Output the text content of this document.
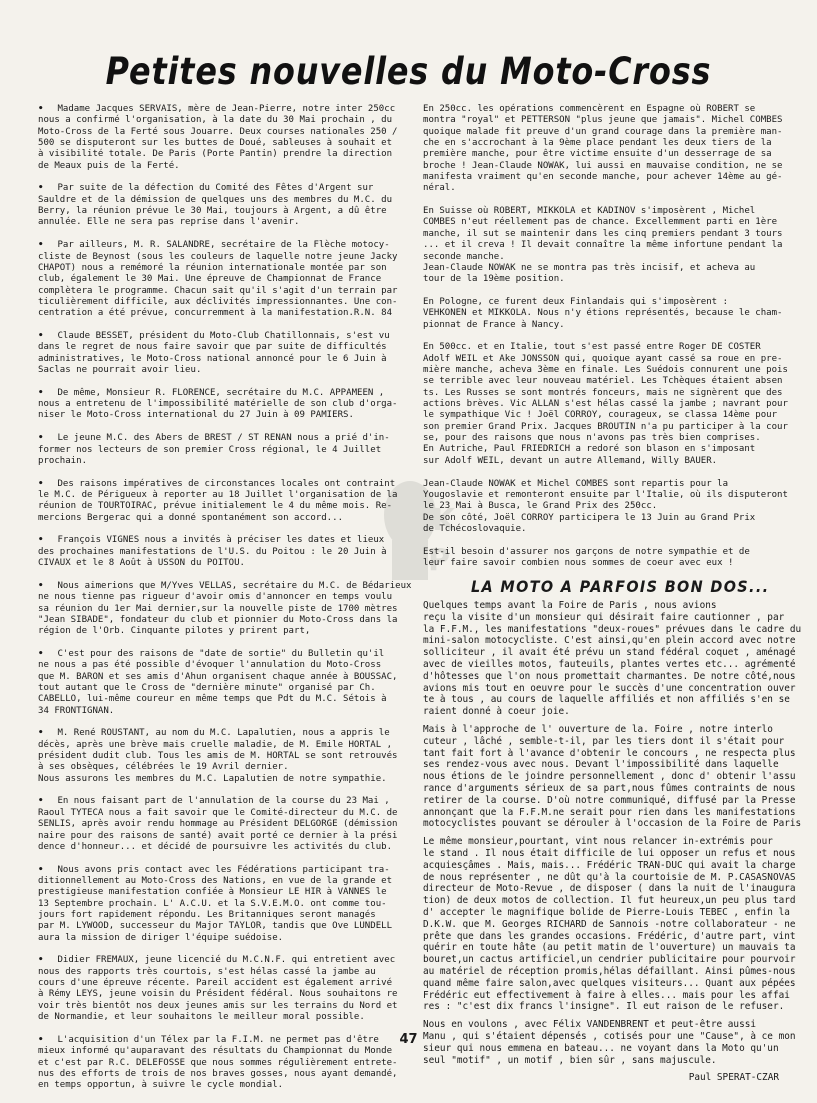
Petites nouvelles du Moto-Cross
K
P
• Madame Jacques SERVAIS, mère de Jean-Pierre, notre inter 250cc
nous a confirmé l'organisation, à la date du 30 Mai prochain , du
Moto-Cross de la Ferté sous Jouarre. Deux courses nationales 250 /
500 se disputeront sur les buttes de Doué, sableuses à souhait et
à visibilité totale. De Paris (Porte Pantin) prendre la direction
de Meaux puis de la Ferté.
• Par suite de la défection du Comité des Fêtes d'Argent sur
Sauldre et de la démission de quelques uns des membres du M.C. du
Berry, la réunion prévue le 30 Mai, toujours à Argent, a dû être
annulée. Elle ne sera pas reprise dans l'avenir.
• Par ailleurs, M. R. SALANDRE, secrétaire de la Flèche motocy-
cliste de Beynost (sous les couleurs de laquelle notre jeune Jacky
CHAPOT) nous a remémoré la réunion internationale montée par son
club, également le 30 Mai. Une épreuve de Championnat de France
complètera le programme. Chacun sait qu'il s'agit d'un terrain par
ticulièrement difficile, aux déclivités impressionnantes. Une con-
centration a été prévue, concurremment à la manifestation.R.N. 84
• Claude BESSET, président du Moto-Club Chatillonnais, s'est vu
dans le regret de nous faire savoir que par suite de difficultés
administratives, le Moto-Cross national annoncé pour le 6 Juin à
Saclas ne pourrait avoir lieu.
• De même, Monsieur R. FLORENCE, secrétaire du M.C. APPAMEEN ,
nous a entretenu de l'impossibilité matérielle de son club d'orga-
niser le Moto-Cross international du 27 Juin à 09 PAMIERS.
• Le jeune M.C. des Abers de BREST / ST RENAN nous a prié d'in-
former nos lecteurs de son premier Cross régional, le 4 Juillet
prochain.
• Des raisons impératives de circonstances locales ont contraint
le M.C. de Périgueux à reporter au 18 Juillet l'organisation de la
réunion de TOURTOIRAC, prévue initialement le 4 du même mois. Re-
mercions Bergerac qui a donné spontanément son accord...
• François VIGNES nous a invités à préciser les dates et lieux
des prochaines manifestations de l'U.S. du Poitou : le 20 Juin à
CIVAUX et le 8 Août à USSON du POITOU.
• Nous aimerions que M/Yves VELLAS, secrétaire du M.C. de Bédarieux
ne nous tienne pas rigueur d'avoir omis d'annoncer en temps voulu
sa réunion du 1er Mai dernier,sur la nouvelle piste de 1700 mètres
"Jean SIBADE", fondateur du club et pionnier du Moto-Cross dans la
région de l'Orb. Cinquante pilotes y prirent part,
• C'est pour des raisons de "date de sortie" du Bulletin qu'il
ne nous a pas été possible d'évoquer l'annulation du Moto-Cross
que M. BARON et ses amis d'Ahun organisent chaque année à BOUSSAC,
tout autant que le Cross de "dernière minute" organisé par Ch.
CABELLO, lui-même coureur en même temps que Pdt du M.C. Sétois à
34 FRONTIGNAN.
• M. René ROUSTANT, au nom du M.C. Lapalutien, nous a appris le
décès, après une brève mais cruelle maladie, de M. Emile HORTAL ,
président dudit club. Tous les amis de M. HORTAL se sont retrouvés
à ses obsèques, célébrées le 19 Avril dernier.
Nous assurons les membres du M.C. Lapalutien de notre sympathie.
• En nous faisant part de l'annulation de la course du 23 Mai ,
Raoul TYTECA nous a fait savoir que le Comité-directeur du M.C. de
SENLIS, après avoir rendu hommage au Président DELGORGE (démission
naire pour des raisons de santé) avait porté ce dernier à la prési
dence d'honneur... et décidé de poursuivre les activités du club.
• Nous avons pris contact avec les Fédérations participant tra-
ditionnellement au Moto-Cross des Nations, en vue de la grande et
prestigieuse manifestation confiée à Monsieur LE HIR à VANNES le
13 Septembre prochain. L' A.C.U. et la S.V.E.M.O. ont comme tou-
jours fort rapidement répondu. Les Britanniques seront managés
par M. LYWOOD, successeur du Major TAYLOR, tandis que Ove LUNDELL
aura la mission de diriger l'équipe suédoise.
• Didier FREMAUX, jeune licencié du M.C.N.F. qui entretient avec
nous des rapports très courtois, s'est hélas cassé la jambe au
cours d'une épreuve récente. Pareil accident est également arrivé
à Rémy LEYS, jeune voisin du Président fédéral. Nous souhaitons re
voir très bientôt nos deux jeunes amis sur les terrains du Nord et
de Normandie, et leur souhaitons le meilleur moral possible.
• L'acquisition d'un Télex par la F.I.M. ne permet pas d'être
mieux informé qu'auparavant des résultats du Championnat du Monde
et c'est par R.C. DELEFOSSE que nous sommes régulièrement entrete-
nus des efforts de trois de nos braves gosses, nous ayant demandé,
en temps opportun, à suivre le cycle mondial.
En 250cc. les opérations commencèrent en Espagne où ROBERT se
montra "royal" et PETTERSON "plus jeune que jamais". Michel COMBES
quoique malade fit preuve d'un grand courage dans la première man-
che en s'accrochant à la 9ème place pendant les deux tiers de la
première manche, pour être victime ensuite d'un desserrage de sa
broche ! Jean-Claude NOWAK, lui aussi en mauvaise condition, ne se
manifesta vraiment qu'en seconde manche, pour achever 14ème au gé-
néral.
En Suisse où ROBERT, MIKKOLA et KADINOV s'imposèrent , Michel
COMBES n'eut réellement pas de chance. Excellemment parti en 1ère
manche, il sut se maintenir dans les cinq premiers pendant 3 tours
... et il creva ! Il devait connaître la même infortune pendant la
seconde manche.
Jean-Claude NOWAK ne se montra pas très incisif, et acheva au
tour de la 19ème position.
En Pologne, ce furent deux Finlandais qui s'imposèrent :
VEHKONEN et MIKKOLA. Nous n'y étions représentés, because le cham-
pionnat de France à Nancy.
En 500cc. et en Italie, tout s'est passé entre Roger DE COSTER
Adolf WEIL et Ake JONSSON qui, quoique ayant cassé sa roue en pre-
mière manche, acheva 3ème en finale. Les Suédois connurent une pois
se terrible avec leur nouveau matériel. Les Tchèques étaient absen
ts. Les Russes se sont montrés fonceurs, mais ne signèrent que des
actions brèves. Vic ALLAN s'est hélas cassé la jambe ; navrant pour
le sympathique Vic ! Joël CORROY, courageux, se classa 14ème pour
son premier Grand Prix. Jacques BROUTIN n'a pu participer à la cour
se, pour des raisons que nous n'avons pas très bien comprises.
En Autriche, Paul FRIEDRICH a redoré son blason en s'imposant
sur Adolf WEIL, devant un autre Allemand, Willy BAUER.
Jean-Claude NOWAK et Michel COMBES sont repartis pour la
Yougoslavie et remonteront ensuite par l'Italie, où ils disputeront
le 23 Mai à Busca, le Grand Prix des 250cc.
De son côté, Joël CORROY participera le 13 Juin au Grand Prix
de Tchécoslovaquie.
Est-il besoin d'assurer nos garçons de notre sympathie et de
leur faire savoir combien nous sommes de coeur avec eux !
LA MOTO A PARFOIS BON DOS...
Quelques temps avant la Foire de Paris , nous avions
reçu la visite d'un monsieur qui désirait faire cautionner , par
la F.F.M., les manifestations "deux-roues" prévues dans le cadre du
mini-salon motocycliste. C'est ainsi,qu'en plein accord avec notre
solliciteur , il avait été prévu un stand fédéral coquet , aménagé
avec de vieilles motos, fauteuils, plantes vertes etc... agrémenté
d'hôtesses que l'on nous promettait charmantes. De notre côté,nous
avions mis tout en oeuvre pour le succès d'une concentration ouver
te à tous , au cours de laquelle affiliés et non affiliés s'en se
raient donné à coeur joie.
Mais à l'approche de l' ouverture de la. Foire , notre interlo
cuteur , lâché , semble-t-il, par les tiers dont il s'était pour
tant fait fort à l'avance d'obtenir le concours , ne respecta plus
ses rendez-vous avec nous. Devant l'impossibilité dans laquelle
nous étions de le joindre personnellement , donc d' obtenir l'assu
rance d'arguments sérieux de sa part,nous fûmes contraints de nous
retirer de la course. D'où notre communiqué, diffusé par la Presse
annonçant que la F.F.M.ne serait pour rien dans les manifestations
motocyclistes pouvant se dérouler à l'occasion de la Foire de Paris
Le même monsieur,pourtant, vint nous relancer in-extrémis pour
le stand . Il nous était difficile de lui opposer un refus et nous
acquiesçâmes . Mais, mais... Frédéric TRAN-DUC qui avait la charge
de nous représenter , ne dût qu'à la courtoisie de M. P.CASASNOVAS
directeur de Moto-Revue , de disposer ( dans la nuit de l'inaugura
tion) de deux motos de collection. Il fut heureux,un peu plus tard
d' accepter le magnifique bolide de Pierre-Louis TEBEC , enfin la
D.K.W. que M. Georges RICHARD de Sannois -notre collaborateur - ne
prête que dans les grandes occasions. Frédéric, d'autre part, vint
quérir en toute hâte (au petit matin de l'ouverture) un mauvais ta
bouret,un cactus artificiel,un cendrier publicitaire pour pourvoir
au matériel de réception promis,hélas défaillant. Ainsi pûmes-nous
quand même faire salon,avec quelques visiteurs... Quant aux pépées
Frédéric eut effectivement à faire à elles... mais pour les affai
res : "c'est dix francs l'insigne". Il eut raison de le refuser.
Nous en voulons , avec Félix VANDENBRENT et peut-être aussi
Manu , qui s'étaient dépensés , cotisés pour une "Cause", à ce mon
sieur qui nous emmena en bateau... ne voyant dans la Moto qu'un
seul "motif" , un motif , bien sûr , sans majuscule.
Paul SPERAT-CZAR
47
